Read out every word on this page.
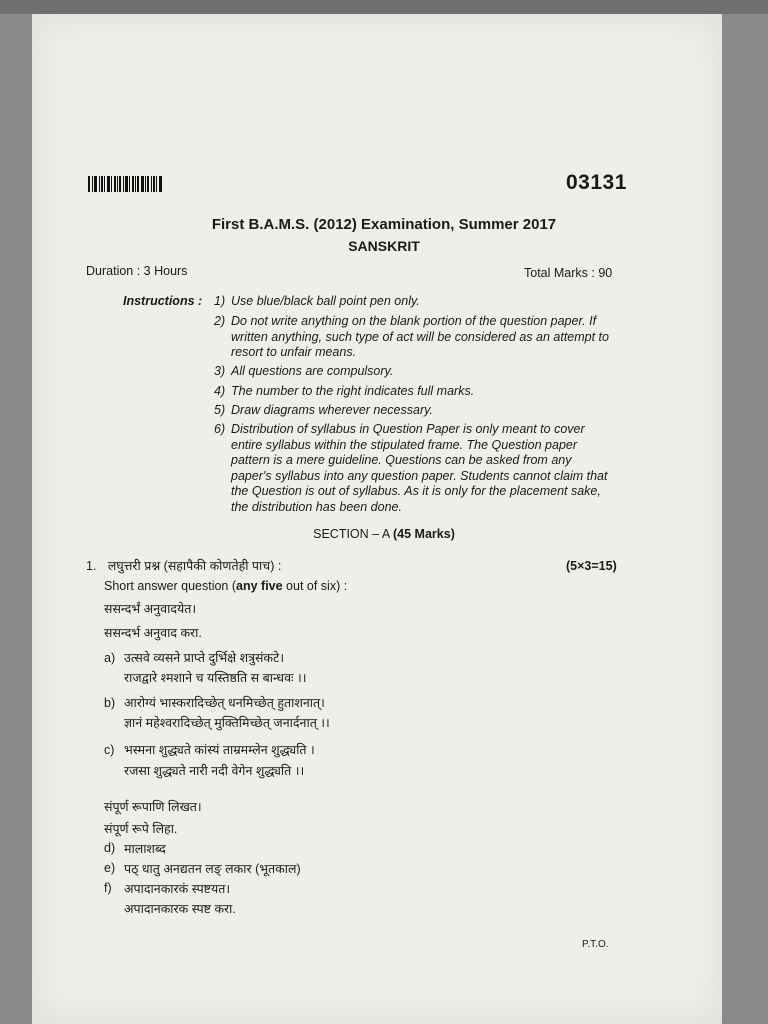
03131
First B.A.M.S. (2012) Examination, Summer 2017
SANSKRIT
Duration : 3 Hours	Total Marks : 90
Instructions : 1) Use blue/black ball point pen only.
2) Do not write anything on the blank portion of the question paper. If written anything, such type of act will be considered as an attempt to resort to unfair means.
3) All questions are compulsory.
4) The number to the right indicates full marks.
5) Draw diagrams wherever necessary.
6) Distribution of syllabus in Question Paper is only meant to cover entire syllabus within the stipulated frame. The Question paper pattern is a mere guideline. Questions can be asked from any paper's syllabus into any question paper. Students cannot claim that the Question is out of syllabus. As it is only for the placement sake, the distribution has been done.
SECTION – A (45 Marks)
1. लघुत्तरी प्रश्न (सहापैकी कोणतेही पाच) :	(5×3=15)
Short answer question (any five out of six) :
ससन्दर्भं अनुवादयेत।
ससन्दर्भ अनुवाद करा.
a) उत्सवे व्यसने प्राप्ते दुर्भिक्षे शत्रुसंकटे।
राजद्वारे श्मशाने च यस्तिष्ठति स बान्धवः ।।
b) आरोग्यं भास्करादिच्छेत् धनमिच्छेत् हुताशनात्।
ज्ञानं महेश्वरादिच्छेत् मुक्तिमिच्छेत् जनार्दनात् ।।
c) भस्मना शुद्ध्यते कांस्यं ताम्रमम्लेन शुद्ध्यति ।
रजसा शुद्ध्यते नारी नदी वेगेन शुद्ध्यति ।।
संपूर्ण रूपाणि लिखत।
संपूर्ण रूपे लिहा.
d) मालाशब्द
e) पठ् धातु अनद्यतन लङ् लकार (भूतकाल)
f) अपादानकारकं स्पष्टयत।
अपादानकारक स्पष्ट करा.
P.T.O.
